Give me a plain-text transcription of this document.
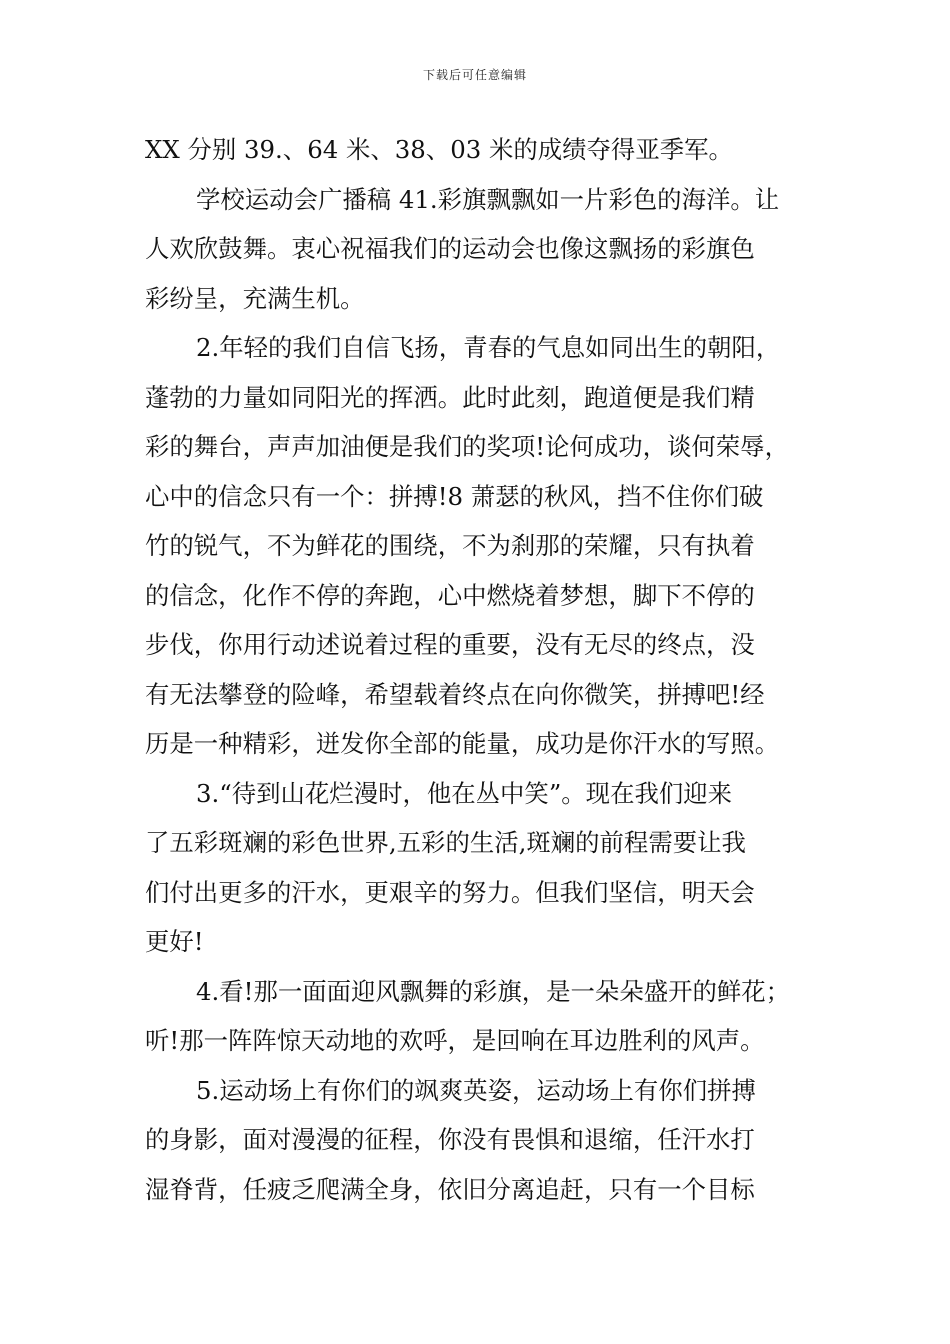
下载后可任意编辑
XX 分别 39.、64 米、38、03 米的成绩夺得亚季军。
学校运动会广播稿 41.彩旗飘飘如一片彩色的海洋。让
人欢欣鼓舞。衷心祝福我们的运动会也像这飘扬的彩旗色
彩纷呈，充满生机。
2.年轻的我们自信飞扬，青春的气息如同出生的朝阳，
蓬勃的力量如同阳光的挥洒。此时此刻，跑道便是我们精
彩的舞台，声声加油便是我们的奖项!论何成功，谈何荣辱，
心中的信念只有一个：拼搏!8 萧瑟的秋风，挡不住你们破
竹的锐气，不为鲜花的围绕，不为刹那的荣耀，只有执着
的信念，化作不停的奔跑，心中燃烧着梦想，脚下不停的
步伐，你用行动述说着过程的重要，没有无尽的终点，没
有无法攀登的险峰，希望载着终点在向你微笑，拼搏吧!经
历是一种精彩，迸发你全部的能量，成功是你汗水的写照。
3.“待到山花烂漫时，他在丛中笑”。现在我们迎来
了五彩斑斓的彩色世界,五彩的生活,斑斓的前程需要让我
们付出更多的汗水，更艰辛的努力。但我们坚信，明天会
更好!
4.看!那一面面迎风飘舞的彩旗，是一朵朵盛开的鲜花；
听!那一阵阵惊天动地的欢呼，是回响在耳边胜利的风声。
5.运动场上有你们的飒爽英姿，运动场上有你们拼搏
的身影，面对漫漫的征程，你没有畏惧和退缩，任汗水打
湿脊背，任疲乏爬满全身，依旧分离追赶，只有一个目标
